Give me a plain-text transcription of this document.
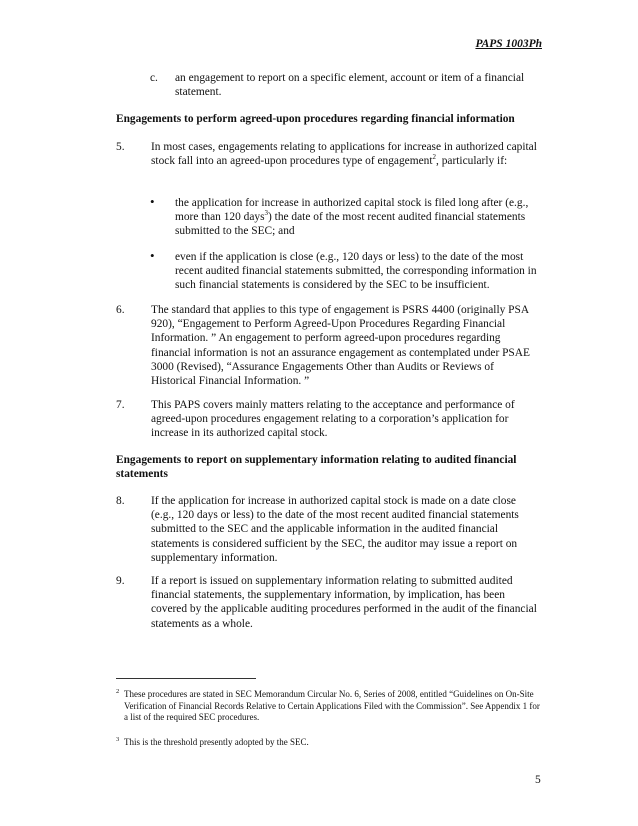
PAPS 1003Ph
c. an engagement to report on a specific element, account or item of a financial statement.
Engagements to perform agreed-upon procedures regarding financial information
5. In most cases, engagements relating to applications for increase in authorized capital stock fall into an agreed-upon procedures type of engagement$^2$, particularly if:
• the application for increase in authorized capital stock is filed long after (e.g., more than 120 days$^3$) the date of the most recent audited financial statements submitted to the SEC; and
• even if the application is close (e.g., 120 days or less) to the date of the most recent audited financial statements submitted, the corresponding information in such financial statements is considered by the SEC to be insufficient.
6. The standard that applies to this type of engagement is PSRS 4400 (originally PSA 920), “Engagement to Perform Agreed-Upon Procedures Regarding Financial Information. ” An engagement to perform agreed-upon procedures regarding financial information is not an assurance engagement as contemplated under PSAE 3000 (Revised), “Assurance Engagements Other than Audits or Reviews of Historical Financial Information. ”
7. This PAPS covers mainly matters relating to the acceptance and performance of agreed-upon procedures engagement relating to a corporation’s application for increase in its authorized capital stock.
Engagements to report on supplementary information relating to audited financial statements
8. If the application for increase in authorized capital stock is made on a date close (e.g., 120 days or less) to the date of the most recent audited financial statements submitted to the SEC and the applicable information in the audited financial statements is considered sufficient by the SEC, the auditor may issue a report on supplementary information.
9. If a report is issued on supplementary information relating to submitted audited financial statements, the supplementary information, by implication, has been covered by the applicable auditing procedures performed in the audit of the financial statements as a whole.
2 These procedures are stated in SEC Memorandum Circular No. 6, Series of 2008, entitled “Guidelines on On-Site Verification of Financial Records Relative to Certain Applications Filed with the Commission”. See Appendix 1 for a list of the required SEC procedures.
3 This is the threshold presently adopted by the SEC.
5
